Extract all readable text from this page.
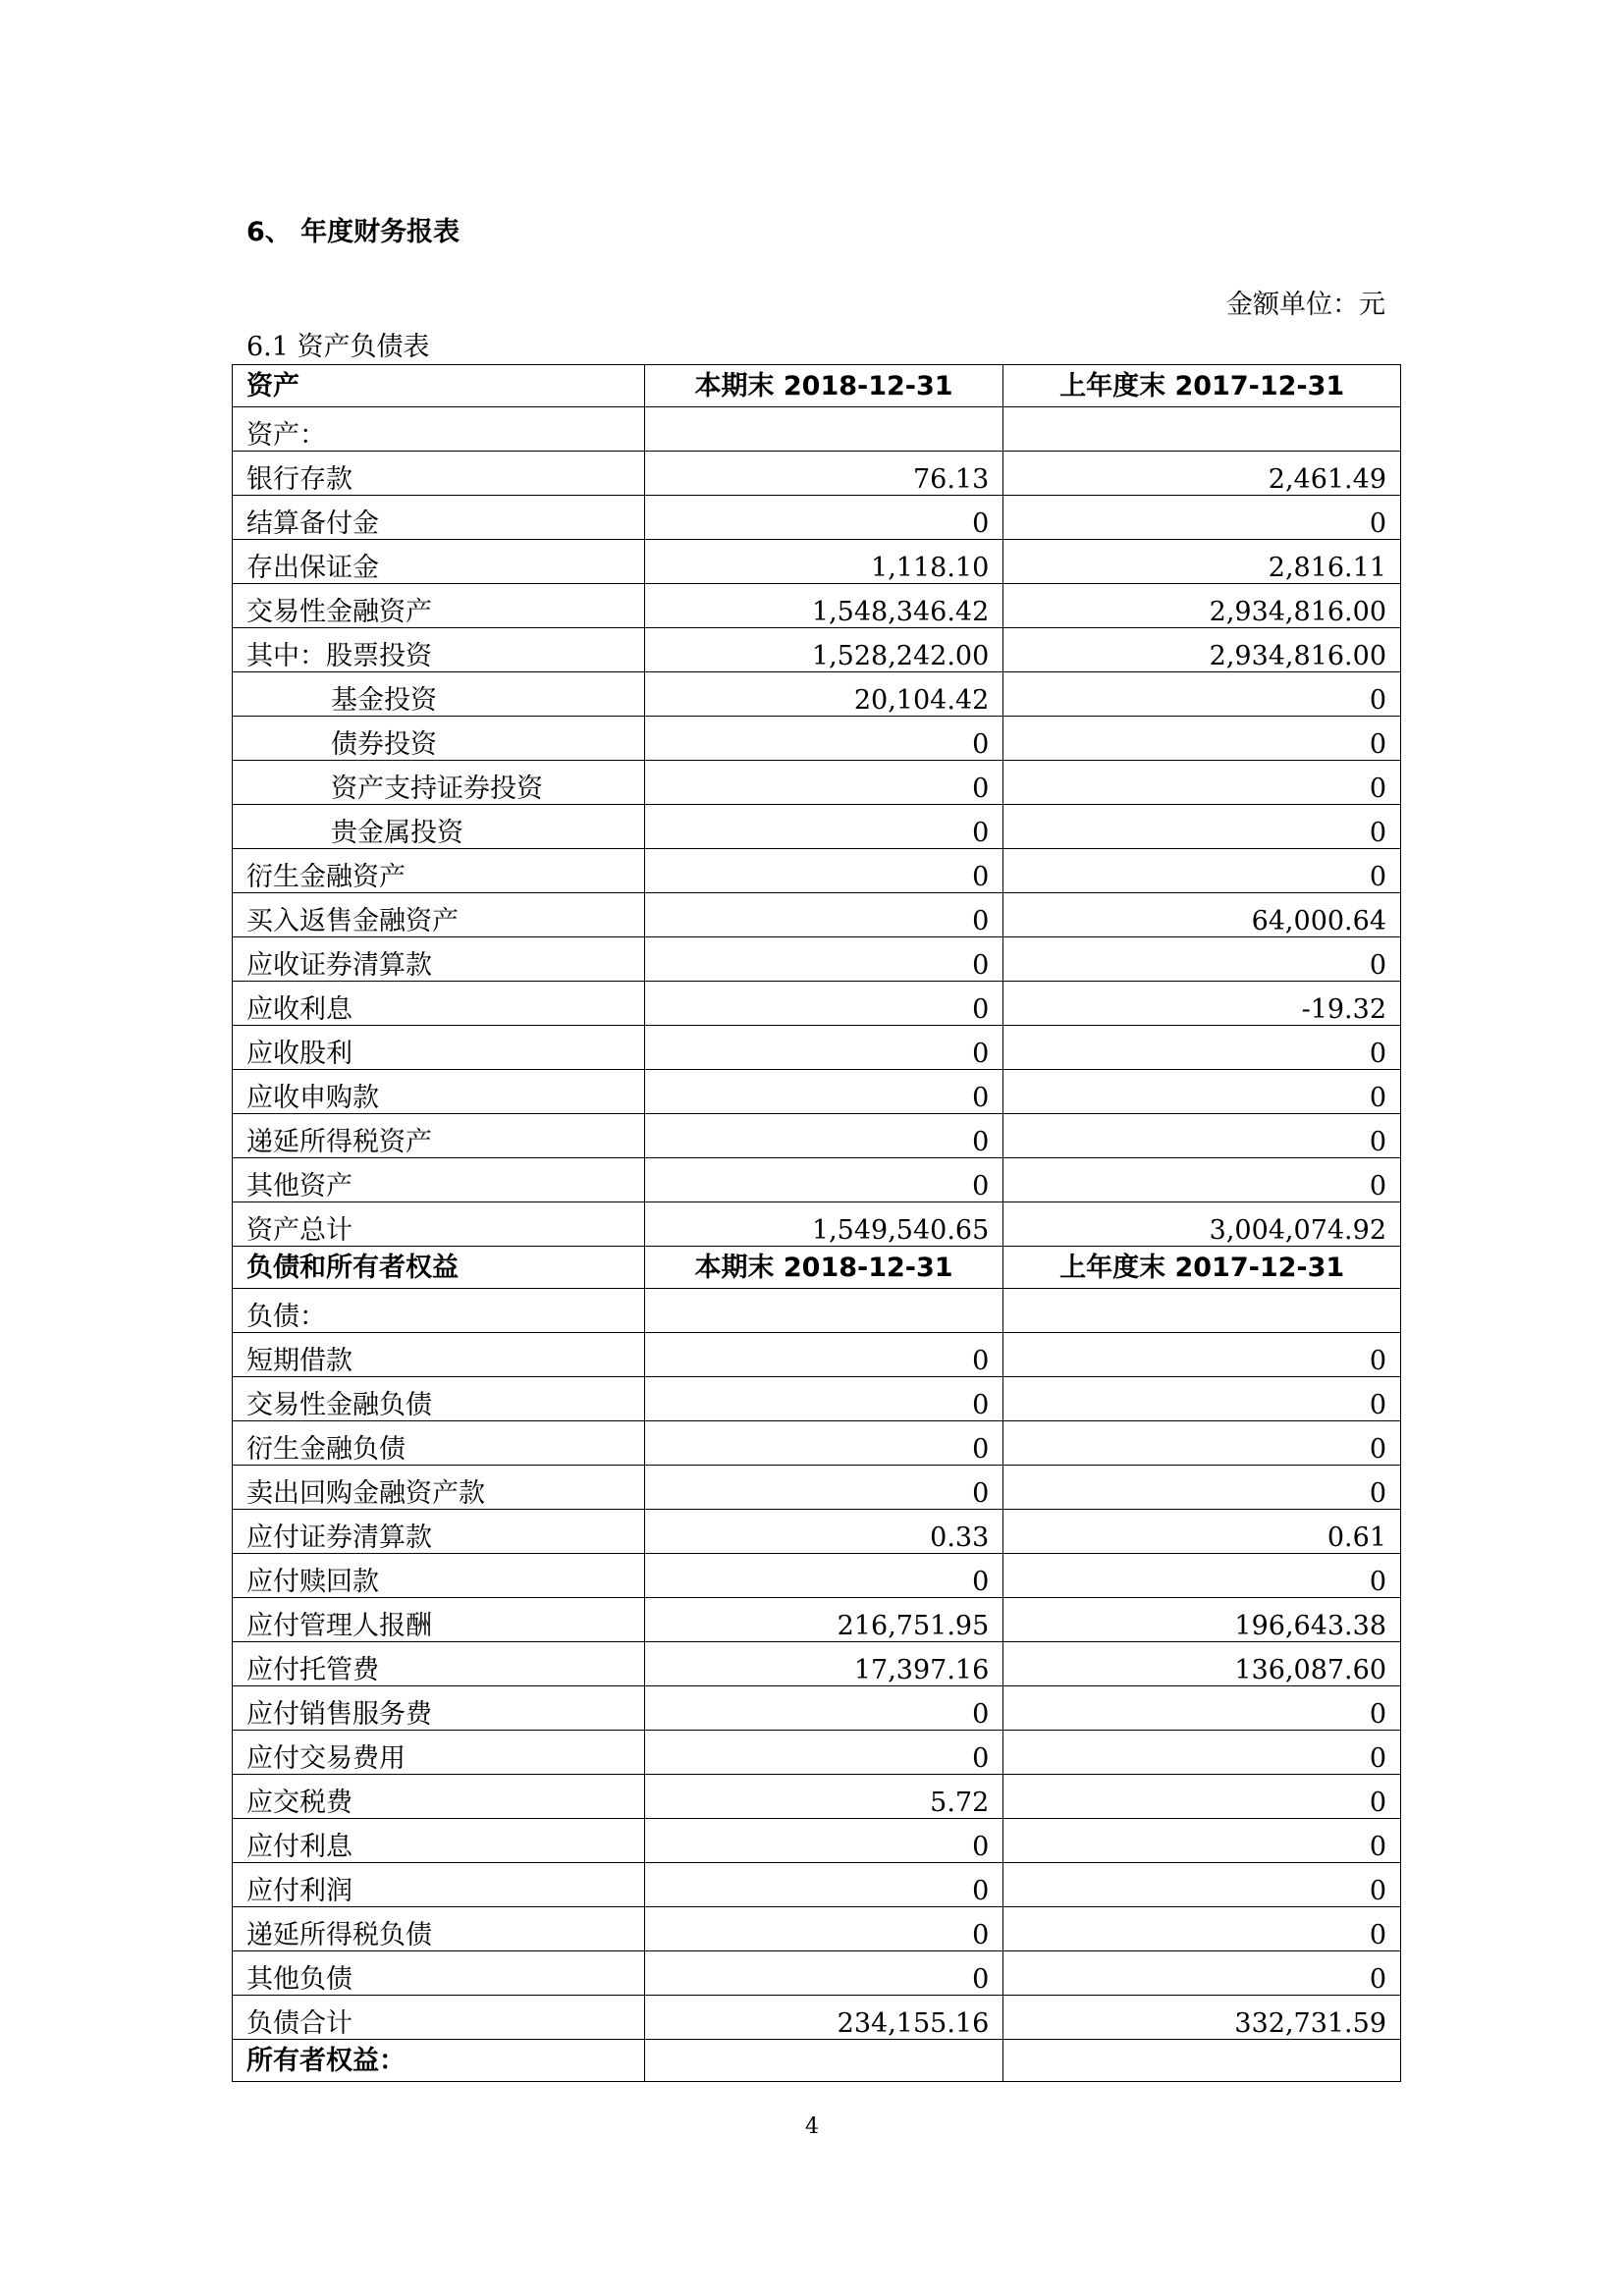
6、 年度财务报表
金额单位：元
6.1 资产负债表
资产	本期末 2018-12-31	上年度末 2017-12-31
资产：		
银行存款	76.13	2,461.49
结算备付金	0	0
存出保证金	1,118.10	2,816.11
交易性金融资产	1,548,346.42	2,934,816.00
其中：股票投资	1,528,242.00	2,934,816.00
基金投资	20,104.42	0
债券投资	0	0
资产支持证券投资	0	0
贵金属投资	0	0
衍生金融资产	0	0
买入返售金融资产	0	64,000.64
应收证券清算款	0	0
应收利息	0	-19.32
应收股利	0	0
应收申购款	0	0
递延所得税资产	0	0
其他资产	0	0
资产总计	1,549,540.65	3,004,074.92
负债和所有者权益	本期末 2018-12-31	上年度末 2017-12-31
负债：		
短期借款	0	0
交易性金融负债	0	0
衍生金融负债	0	0
卖出回购金融资产款	0	0
应付证券清算款	0.33	0.61
应付赎回款	0	0
应付管理人报酬	216,751.95	196,643.38
应付托管费	17,397.16	136,087.60
应付销售服务费	0	0
应付交易费用	0	0
应交税费	5.72	0
应付利息	0	0
应付利润	0	0
递延所得税负债	0	0
其他负债	0	0
负债合计	234,155.16	332,731.59
所有者权益：		
4
